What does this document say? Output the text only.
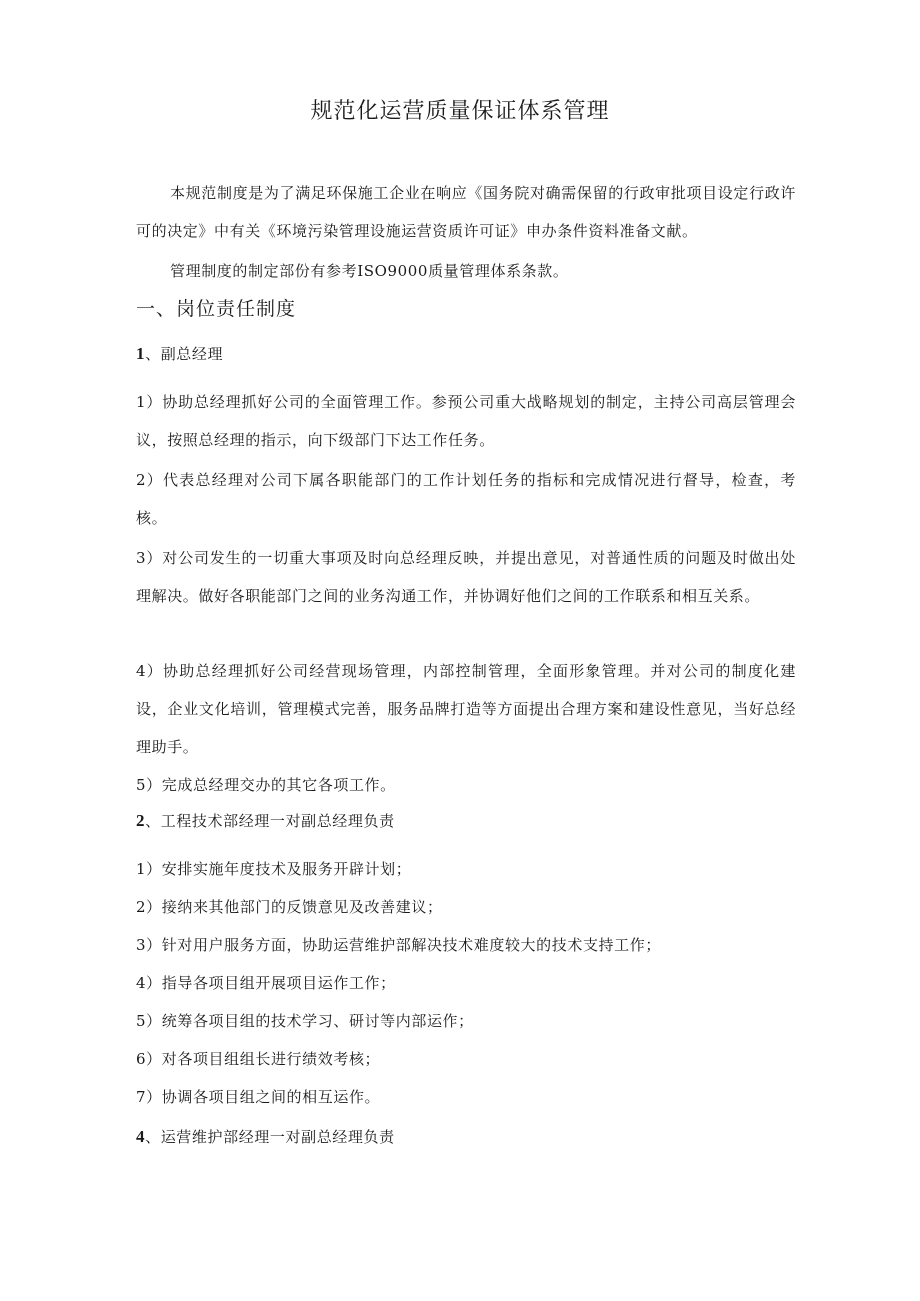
规范化运营质量保证体系管理
本规范制度是为了满足环保施工企业在响应《国务院对确需保留的行政审批项目设定行政许可的决定》中有关《环境污染管理设施运营资质许可证》申办条件资料准备文献。
管理制度的制定部份有参考ISO9000质量管理体系条款。
一、岗位责任制度
1、副总经理
1）协助总经理抓好公司的全面管理工作。参预公司重大战略规划的制定，主持公司高层管理会议，按照总经理的指示，向下级部门下达工作任务。
2）代表总经理对公司下属各职能部门的工作计划任务的指标和完成情况进行督导，检查，考核。
3）对公司发生的一切重大事项及时向总经理反映，并提出意见，对普通性质的问题及时做出处理解决。做好各职能部门之间的业务沟通工作，并协调好他们之间的工作联系和相互关系。
4）协助总经理抓好公司经营现场管理，内部控制管理，全面形象管理。并对公司的制度化建设，企业文化培训，管理模式完善，服务品牌打造等方面提出合理方案和建设性意见，当好总经理助手。
5）完成总经理交办的其它各项工作。
2、工程技术部经理一对副总经理负责
1）安排实施年度技术及服务开辟计划；
2）接纳来其他部门的反馈意见及改善建议；
3）针对用户服务方面，协助运营维护部解决技术难度较大的技术支持工作；
4）指导各项目组开展项目运作工作；
5）统筹各项目组的技术学习、研讨等内部运作；
6）对各项目组组长进行绩效考核；
7）协调各项目组之间的相互运作。
4、运营维护部经理一对副总经理负责
